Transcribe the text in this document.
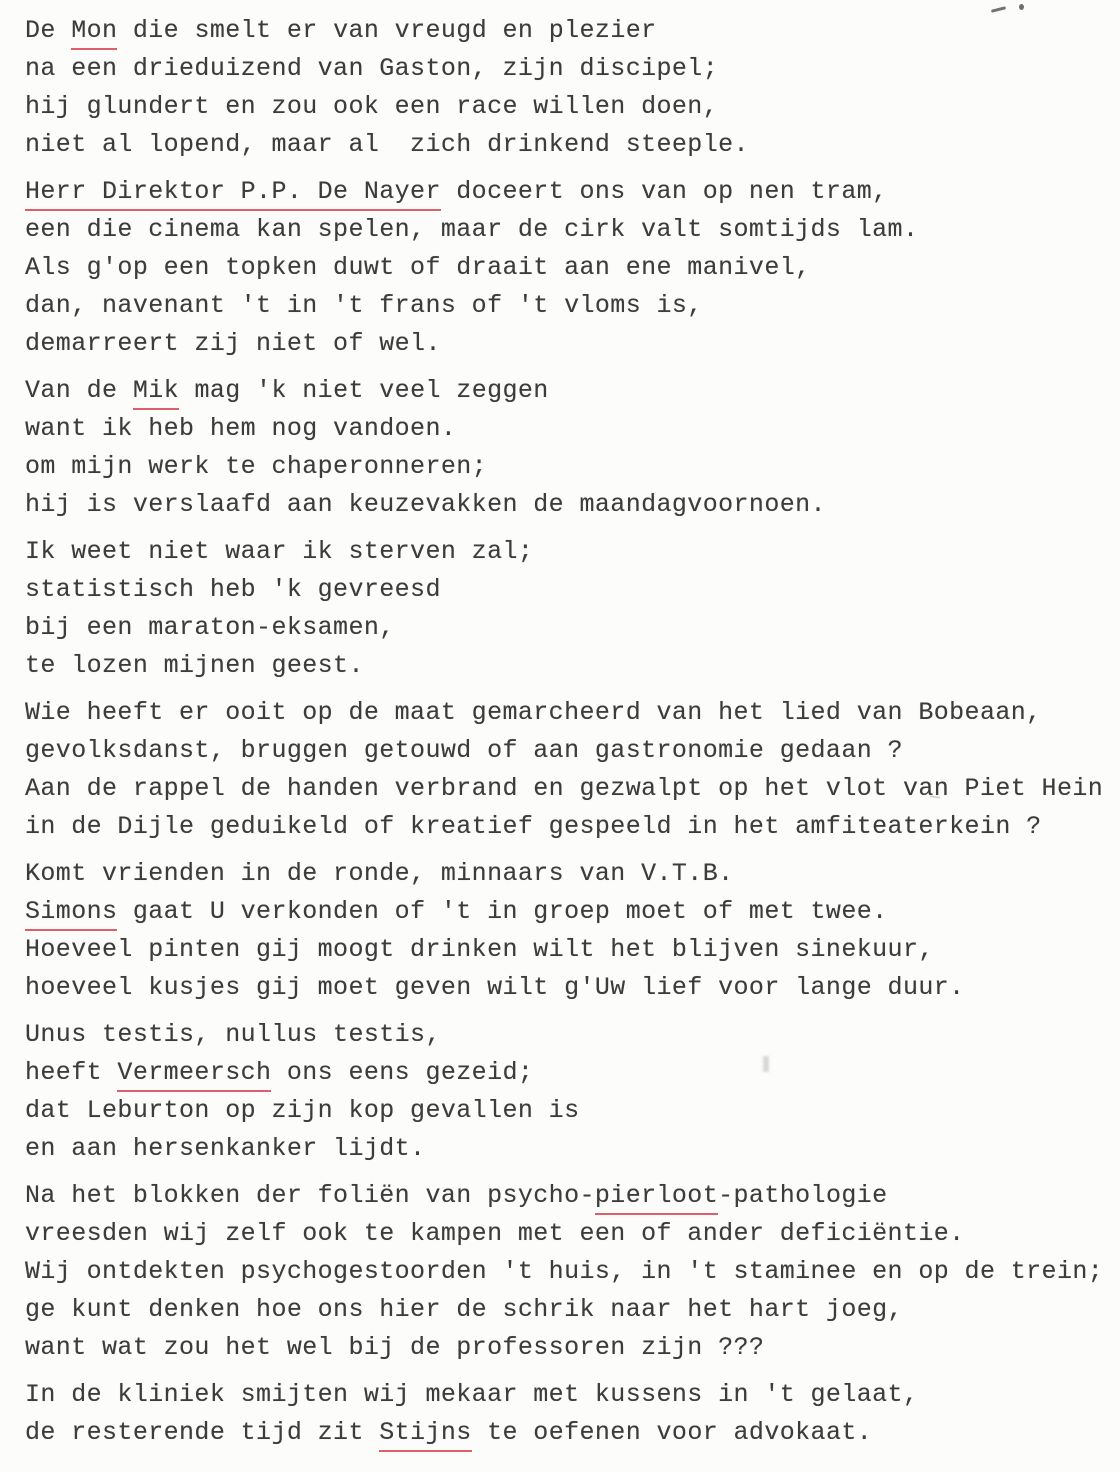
De Mon die smelt er van vreugd en plezier
na een drieduizend van Gaston, zijn discipel;
hij glundert en zou ook een race willen doen,
niet al lopend, maar al  zich drinkend steeple.
Herr Direktor P.P. De Nayer doceert ons van op nen tram,
een die cinema kan spelen, maar de cirk valt somtijds lam.
Als g'op een topken duwt of draait aan ene manivel,
dan, navenant 't in 't frans of 't vloms is,
demarreert zij niet of wel.
Van de Mik mag 'k niet veel zeggen
want ik heb hem nog vandoen.
om mijn werk te chaperonneren;
hij is verslaafd aan keuzevakken de maandagvoornoen.
Ik weet niet waar ik sterven zal;
statistisch heb 'k gevreesd
bij een maraton-eksamen,
te lozen mijnen geest.
Wie heeft er ooit op de maat gemarcheerd van het lied van Bobeaan,
gevolksdanst, bruggen getouwd of aan gastronomie gedaan ?
Aan de rappel de handen verbrand en gezwalpt op het vlot van Piet Hein
in de Dijle geduikeld of kreatief gespeeld in het amfiteaterkein ?
Komt vrienden in de ronde, minnaars van V.T.B.
Simons gaat U verkonden of 't in groep moet of met twee.
Hoeveel pinten gij moogt drinken wilt het blijven sinekuur,
hoeveel kusjes gij moet geven wilt g'Uw lief voor lange duur.
Unus testis, nullus testis,
heeft Vermeersch ons eens gezeid;
dat Leburton op zijn kop gevallen is
en aan hersenkanker lijdt.
Na het blokken der foliën van psycho-pierloot-pathologie
vreesden wij zelf ook te kampen met een of ander deficiëntie.
Wij ontdekten psychogestoorden 't huis, in 't staminee en op de trein;
ge kunt denken hoe ons hier de schrik naar het hart joeg,
want wat zou het wel bij de professoren zijn ???
In de kliniek smijten wij mekaar met kussens in 't gelaat,
de resterende tijd zit Stijns te oefenen voor advokaat.
